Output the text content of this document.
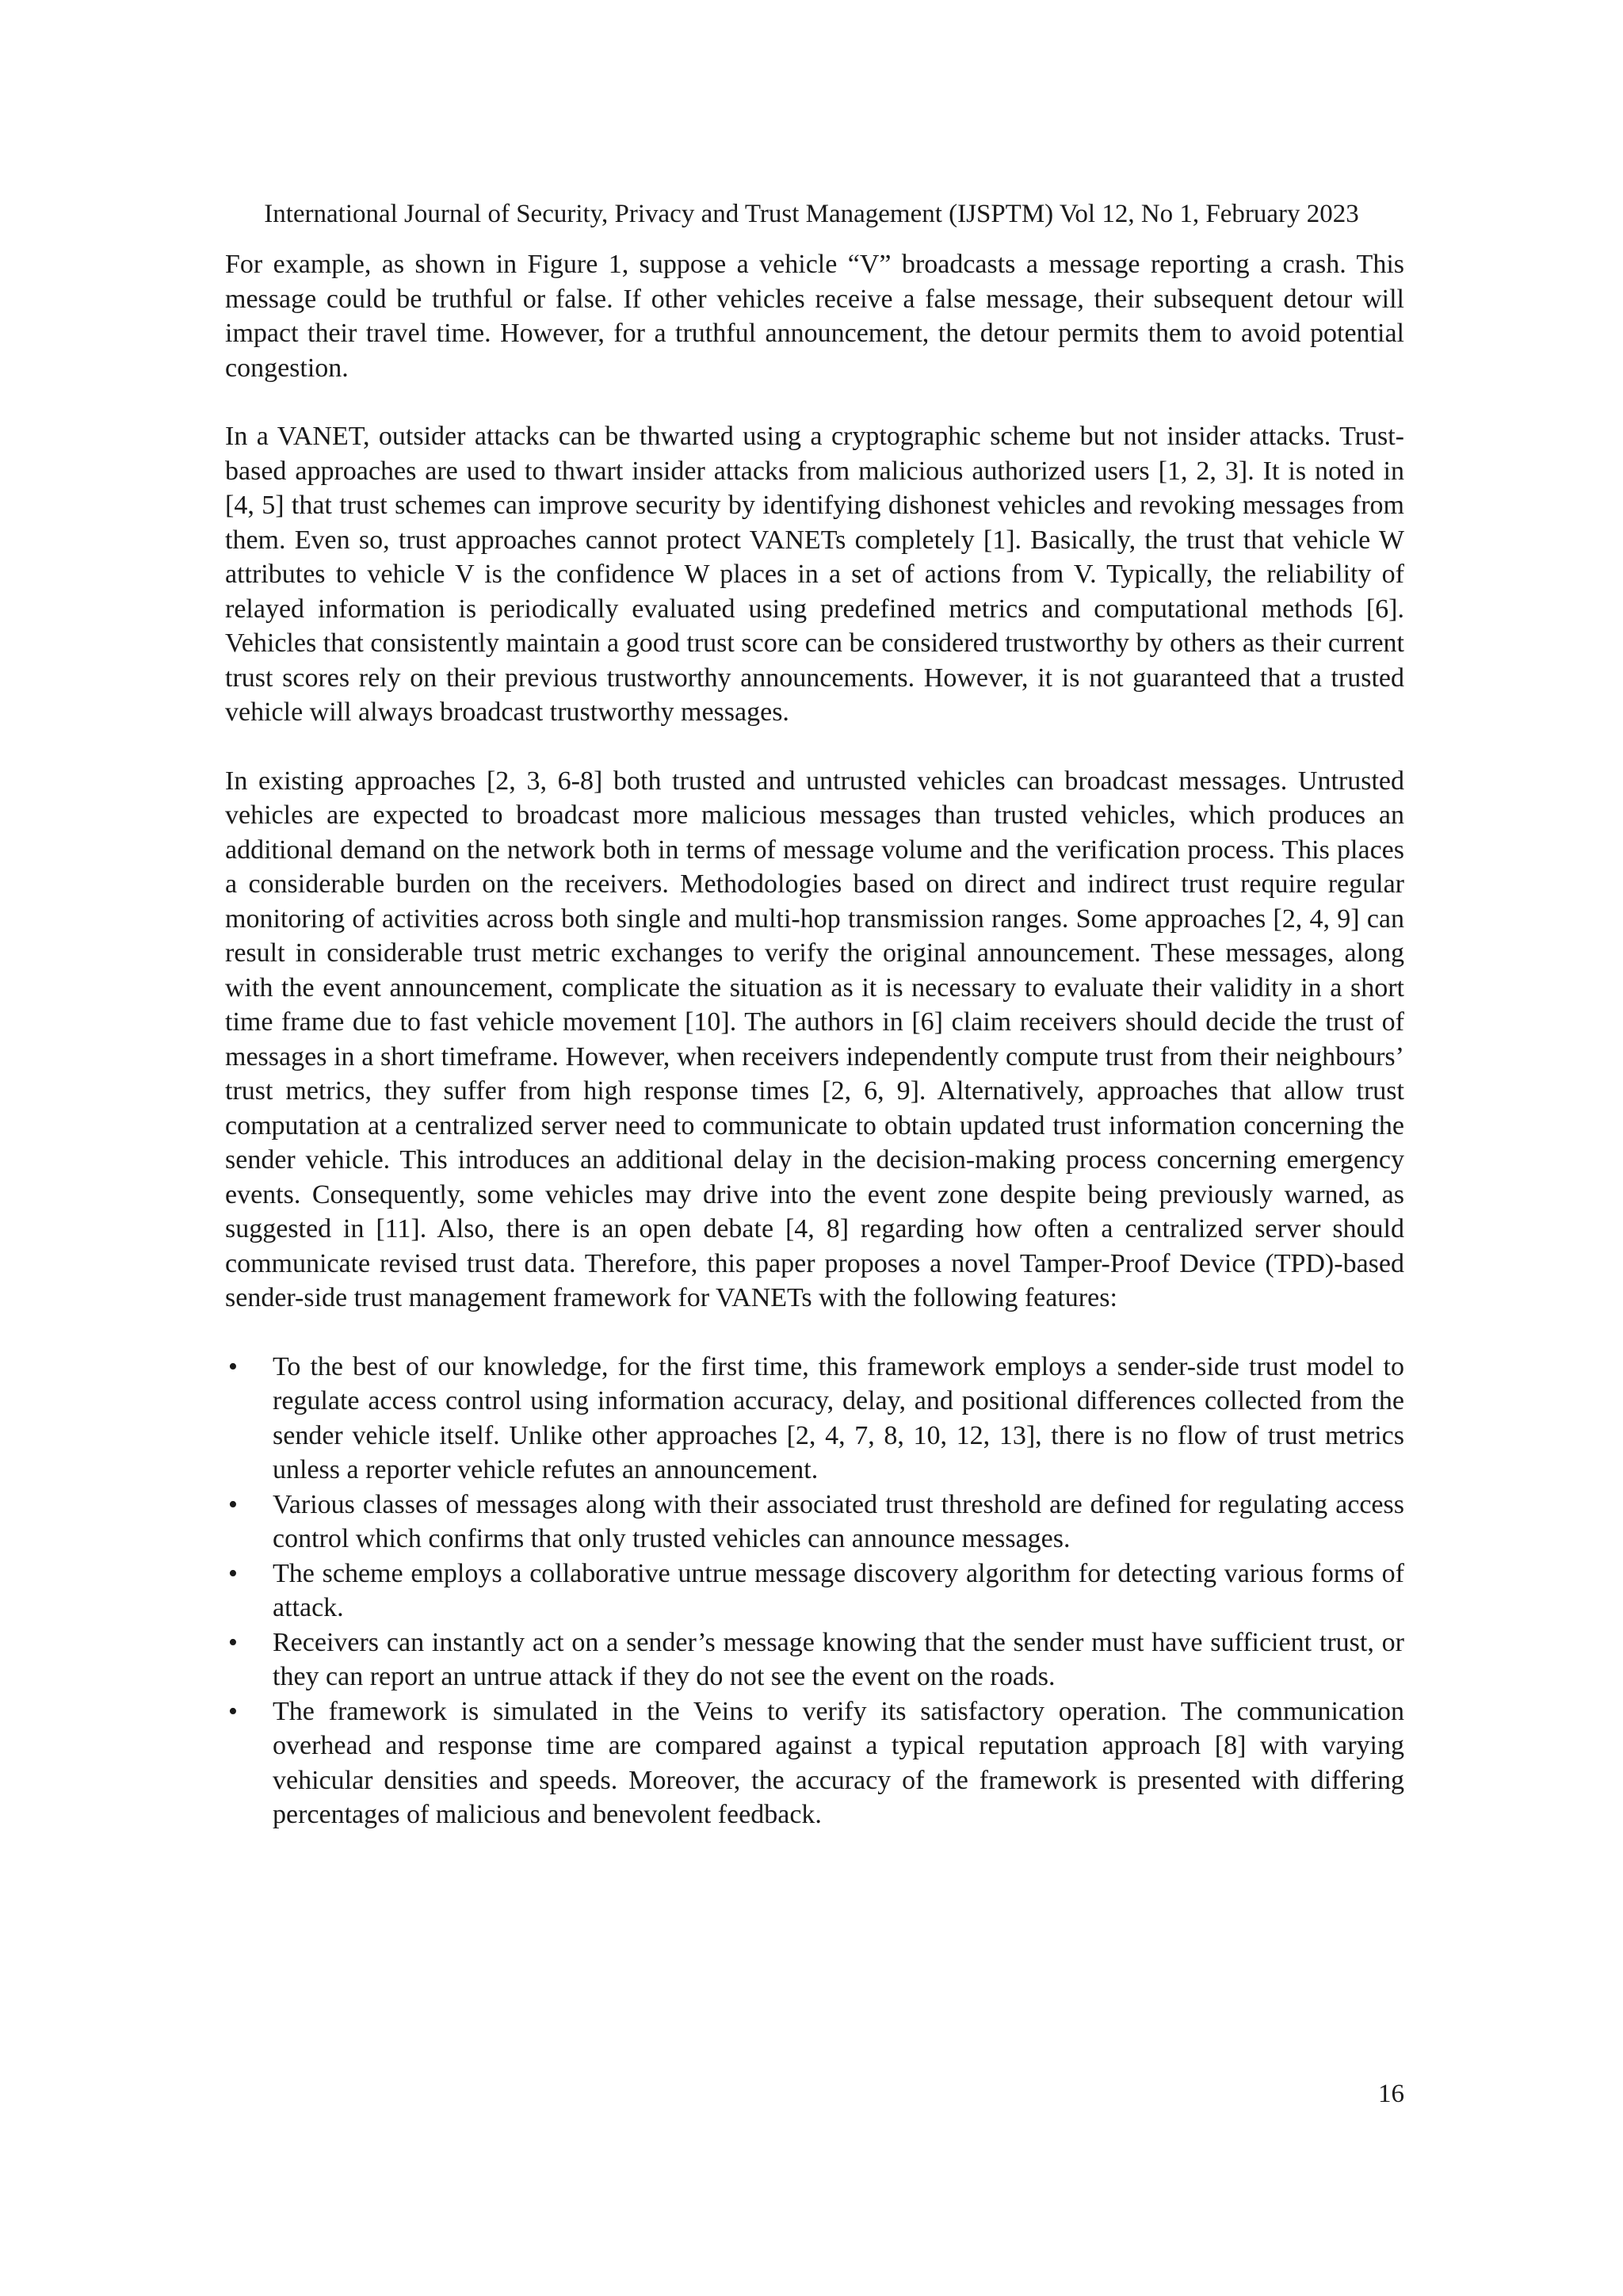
International Journal of Security, Privacy and Trust Management (IJSPTM) Vol 12, No 1, February 2023

For example, as shown in Figure 1, suppose a vehicle “V” broadcasts a message reporting a crash. This message could be truthful or false. If other vehicles receive a false message, their subsequent detour will impact their travel time. However, for a truthful announcement, the detour permits them to avoid potential congestion.

In a VANET, outsider attacks can be thwarted using a cryptographic scheme but not insider attacks. Trust-based approaches are used to thwart insider attacks from malicious authorized users [1, 2, 3]. It is noted in [4, 5] that trust schemes can improve security by identifying dishonest vehicles and revoking messages from them. Even so, trust approaches cannot protect VANETs completely [1]. Basically, the trust that vehicle W attributes to vehicle V is the confidence W places in a set of actions from V. Typically, the reliability of relayed information is periodically evaluated using predefined metrics and computational methods [6]. Vehicles that consistently maintain a good trust score can be considered trustworthy by others as their current trust scores rely on their previous trustworthy announcements. However, it is not guaranteed that a trusted vehicle will always broadcast trustworthy messages.

In existing approaches [2, 3, 6-8] both trusted and untrusted vehicles can broadcast messages. Untrusted vehicles are expected to broadcast more malicious messages than trusted vehicles, which produces an additional demand on the network both in terms of message volume and the verification process. This places a considerable burden on the receivers. Methodologies based on direct and indirect trust require regular monitoring of activities across both single and multi-hop transmission ranges. Some approaches [2, 4, 9] can result in considerable trust metric exchanges to verify the original announcement. These messages, along with the event announcement, complicate the situation as it is necessary to evaluate their validity in a short time frame due to fast vehicle movement [10]. The authors in [6] claim receivers should decide the trust of messages in a short timeframe. However, when receivers independently compute trust from their neighbours’ trust metrics, they suffer from high response times [2, 6, 9]. Alternatively, approaches that allow trust computation at a centralized server need to communicate to obtain updated trust information concerning the sender vehicle. This introduces an additional delay in the decision-making process concerning emergency events. Consequently, some vehicles may drive into the event zone despite being previously warned, as suggested in [11]. Also, there is an open debate [4, 8] regarding how often a centralized server should communicate revised trust data. Therefore, this paper proposes a novel Tamper-Proof Device (TPD)-based sender-side trust management framework for VANETs with the following features:

•	To the best of our knowledge, for the first time, this framework employs a sender-side trust model to regulate access control using information accuracy, delay, and positional differences collected from the sender vehicle itself. Unlike other approaches [2, 4, 7, 8, 10, 12, 13], there is no flow of trust metrics unless a reporter vehicle refutes an announcement.
•	Various classes of messages along with their associated trust threshold are defined for regulating access control which confirms that only trusted vehicles can announce messages.
•	The scheme employs a collaborative untrue message discovery algorithm for detecting various forms of attack.
•	Receivers can instantly act on a sender’s message knowing that the sender must have sufficient trust, or they can report an untrue attack if they do not see the event on the roads.
•	The framework is simulated in the Veins to verify its satisfactory operation. The communication overhead and response time are compared against a typical reputation approach [8] with varying vehicular densities and speeds. Moreover, the accuracy of the framework is presented with differing percentages of malicious and benevolent feedback.
16
